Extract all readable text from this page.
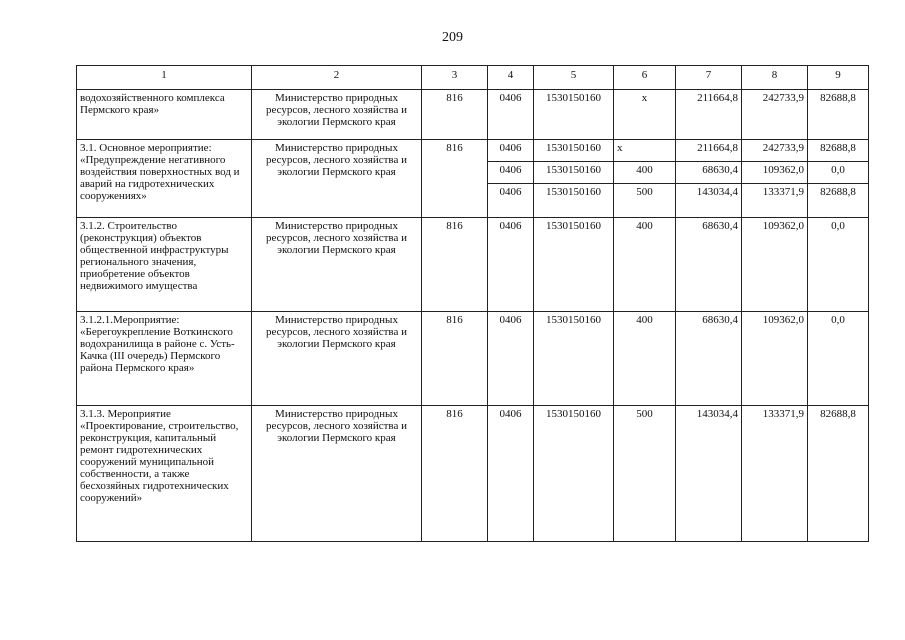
209
1	2	3	4	5	6	7	8	9
водохозяйственного комплекса Пермского края»	Министерство природных ресурсов, лесного хозяйства и экологии Пермского края	816	0406	1530150160	х	211664,8	242733,9	82688,8
3.1. Основное мероприятие: «Предупреждение негативного воздействия поверхностных вод и аварий на гидротехнических сооружениях»	Министерство природных ресурсов, лесного хозяйства и экологии Пермского края	816	0406	1530150160	х	211664,8	242733,9	82688,8
			0406	1530150160	400	68630,4	109362,0	0,0
			0406	1530150160	500	143034,4	133371,9	82688,8
3.1.2. Строительство (реконструкция) объектов общественной инфраструктуры регионального значения, приобретение объектов недвижимого имущества	Министерство природных ресурсов, лесного хозяйства и экологии Пермского края	816	0406	1530150160	400	68630,4	109362,0	0,0
3.1.2.1.Мероприятие: «Берегоукрепление Воткинского водохранилища в районе с. Усть-Качка (III очередь) Пермского района Пермского края»	Министерство природных ресурсов, лесного хозяйства и экологии Пермского края	816	0406	1530150160	400	68630,4	109362,0	0,0
3.1.3. Мероприятие «Проектирование, строительство, реконструкция, капитальный ремонт гидротехнических сооружений муниципальной собственности, а также бесхозяйных гидротехнических сооружений»	Министерство природных ресурсов, лесного хозяйства и экологии Пермского края	816	0406	1530150160	500	143034,4	133371,9	82688,8
